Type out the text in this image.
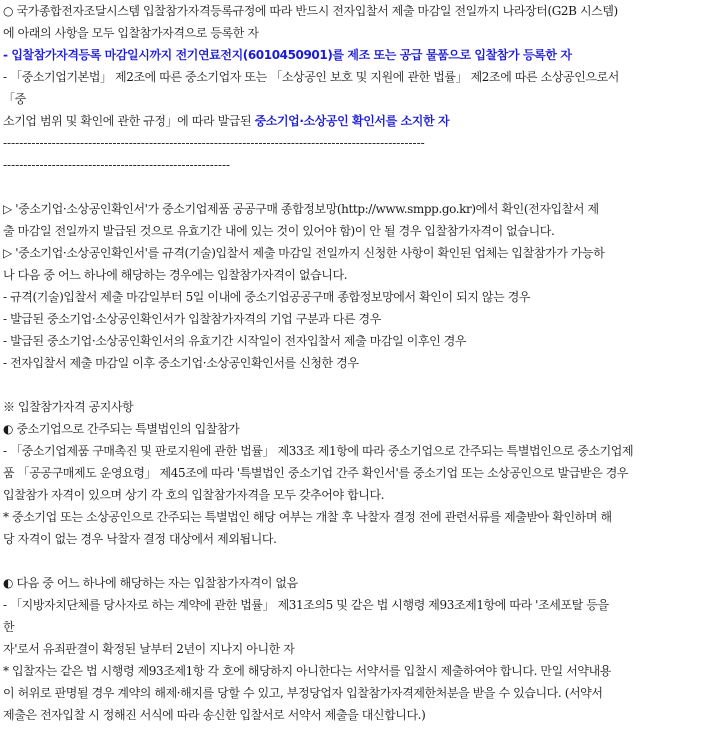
○ 국가종합전자조달시스템 입찰참가자격등록규정에 따라 반드시 전자입찰서 제출 마감일 전일까지 나라장터(G2B 시스템)
에 아래의 사항을 모두 입찰참가자격으로 등록한 자
- 입찰참가자격등록 마감일시까지 전기연료전지(6010450901)를 제조 또는 공급 물품으로 입찰참가 등록한 자
- 「중소기업기본법」 제2조에 따른 중소기업자 또는 「소상공인 보호 및 지원에 관한 법률」 제2조에 따른 소상공인으로서
「중
소기업 범위 및 확인에 관한 규정」에 따라 발급된 중소기업·소상공인 확인서를 소지한 자
--------------------------------------------------------------------------------------------------------
--------------------------------------------------------
▷ '중소기업·소상공인확인서'가 중소기업제품 공공구매 종합정보망(http://www.smpp.go.kr)에서 확인(전자입찰서 제
출 마감일 전일까지 발급된 것으로 유효기간 내에 있는 것이 있어야 함)이 안 될 경우 입찰참가자격이 없습니다.
▷ '중소기업·소상공인확인서'를 규격(기술)입찰서 제출 마감일 전일까지 신청한 사항이 확인된 업체는 입찰참가가 가능하
나 다음 중 어느 하나에 해당하는 경우에는 입찰참가자격이 없습니다.
- 규격(기술)입찰서 제출 마감일부터 5일 이내에 중소기업공공구매 종합정보망에서 확인이 되지 않는 경우
- 발급된 중소기업·소상공인확인서가 입찰참가자격의 기업 구분과 다른 경우
- 발급된 중소기업·소상공인확인서의 유효기간 시작일이 전자입찰서 제출 마감일 이후인 경우
- 전자입찰서 제출 마감일 이후 중소기업·소상공인확인서를 신청한 경우
※ 입찰참가자격 공지사항
◐ 중소기업으로 간주되는 특별법인의 입찰참가
- 「중소기업제품 구매촉진 및 판로지원에 관한 법률」 제33조 제1항에 따라 중소기업으로 간주되는 특별법인으로 중소기업제
품 「공공구매제도 운영요령」 제45조에 따라 '특별법인 중소기업 간주 확인서'를 중소기업 또는 소상공인으로 발급받은 경우
입찰참가 자격이 있으며 상기 각 호의 입찰참가자격을 모두 갖추어야 합니다.
* 중소기업 또는 소상공인으로 간주되는 특별법인 해당 여부는 개찰 후 낙찰자 결정 전에 관련서류를 제출받아 확인하며 해
당 자격이 없는 경우 낙찰자 결정 대상에서 제외됩니다.
◐ 다음 중 어느 하나에 해당하는 자는 입찰참가자격이 없음
- 「지방자치단체를 당사자로 하는 계약에 관한 법률」 제31조의5 및 같은 법 시행령 제93조제1항에 따라 '조세포탈 등을
한
자'로서 유죄판결이 확정된 날부터 2년이 지나지 아니한 자
* 입찰자는 같은 법 시행령 제93조제1항 각 호에 해당하지 아니한다는 서약서를 입찰시 제출하여야 합니다. 만일 서약내용
이 허위로 판명될 경우 계약의 해제·해지를 당할 수 있고, 부정당업자 입찰참가자격제한처분을 받을 수 있습니다. (서약서
제출은 전자입찰 시 정해진 서식에 따라 송신한 입찰서로 서약서 제출을 대신합니다.)
